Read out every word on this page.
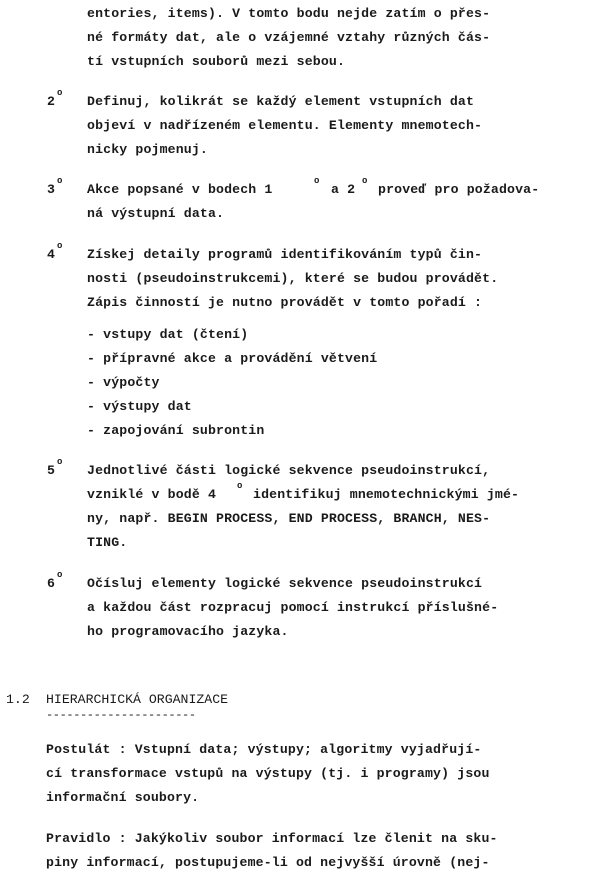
entories, items). V tomto bodu nejde zatím o přes-
né formáty dat, ale o vzájemné vztahy různých čás-
tí vstupních souborů mezi sebou.
2
o
Definuj, kolikrát se každý element vstupních dat
objeví v nadřízeném elementu. Elementy mnemotech-
nicky pojmenuj.
3
o
Akce popsané v bodech 1
o
a 2
o
proveď pro požadova-
ná výstupní data.
4
o
Získej detaily programů identifikováním typů čin-
nosti (pseudoinstrukcemi), které se budou provádět.
Zápis činností je nutno provádět v tomto pořadí :
- vstupy dat (čtení)
- přípravné akce a provádění větvení
- výpočty
- výstupy dat
- zapojování subrontin
5
o
Jednotlivé části logické sekvence pseudoinstrukcí,
vzniklé v bodě 4
o
identifikuj mnemotechnickými jmé-
ny, např. BEGIN PROCESS, END PROCESS, BRANCH, NES-
TING.
6
o
Očísluj elementy logické sekvence pseudoinstrukcí
a každou část rozpracuj pomocí instrukcí příslušné-
ho programovacího jazyka.
1.2 HIERARCHICKÁ ORGANIZACE
----------------------
Postulát : Vstupní data; výstupy; algoritmy vyjadřují-
cí transformace vstupů na výstupy (tj. i programy) jsou
informační soubory.
Pravidlo : Jakýkoliv soubor informací lze členit na sku-
piny informací, postupujeme-li od nejvyšší úrovně (nej-
